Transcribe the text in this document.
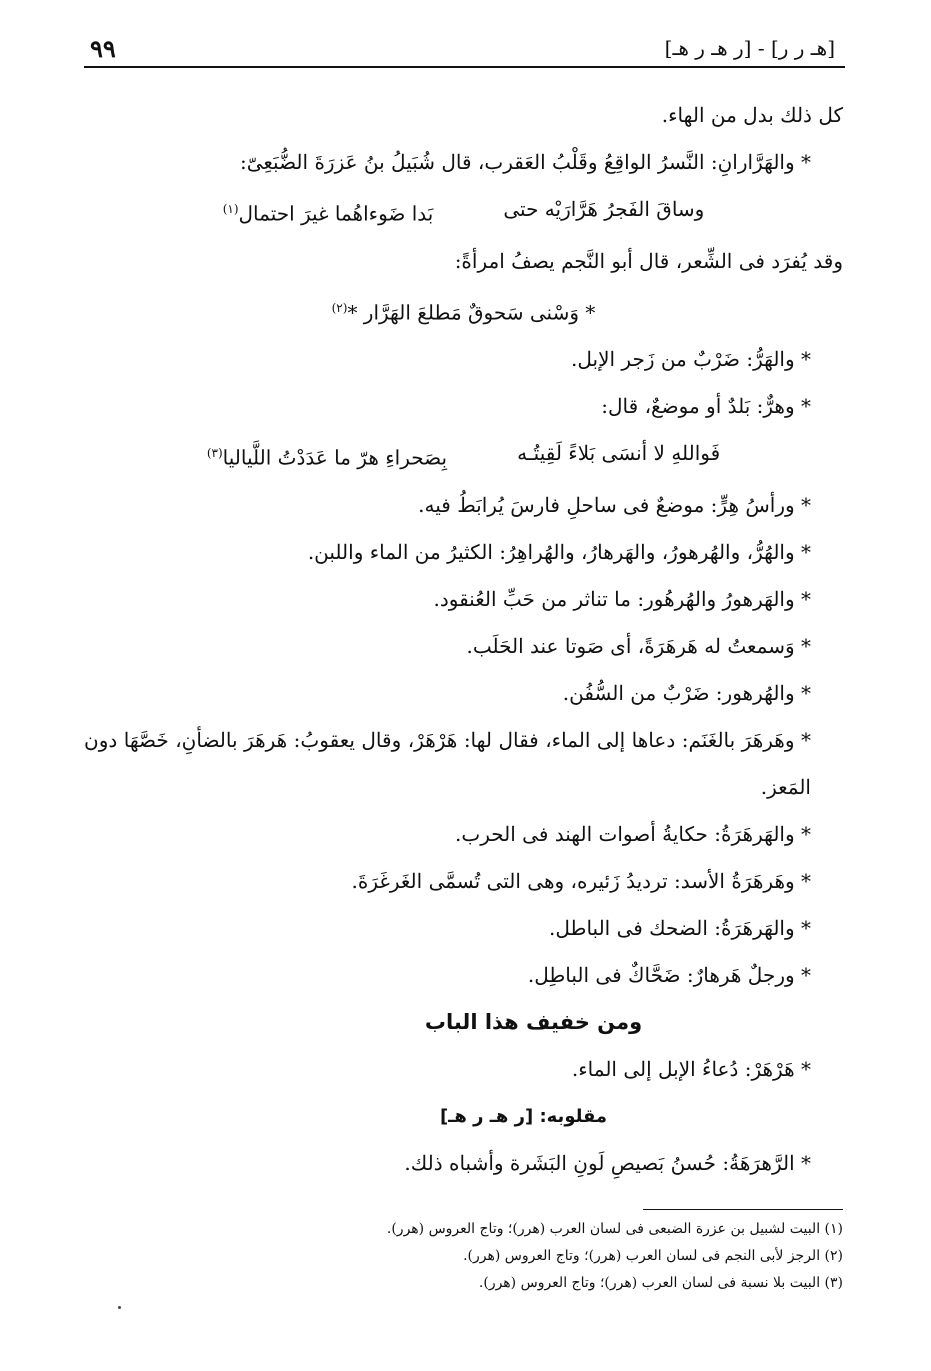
٩٩	[هـ ر ر] - [ر هـ ر هـ]
كل ذلك بدل من الهاء.
* والهَرَّارانِ: النَّسرُ الواقِعُ وقَلْبُ العَقرب، قال شُبَيلُ بنُ عَزرَةَ الضُّبَعِىّ:
وساقَ الفَجرُ هَرَّارَيْه حتى
بَدا ضَوءاهُما غيرَ احتمال$^{(١)}$
وقد يُفرَد فى الشِّعر، قال أبو النَّجم يصفُ امرأةً:
* وَسْنى سَحوقٌ مَطلعَ الهَرَّار *$^{(٢)}$
* والهَرُّ: ضَرْبٌ من زَجر الإبل.
* وهرٌّ: بَلدٌ أو موضعٌ، قال:
فَواللهِ لا أنسَى بَلاءً لَقِيتُـه
بِصَحراءِ هرّ ما عَدَدْتُ اللَّياليا$^{(٣)}$
* ورأسُ هِرٍّ: موضعٌ فى ساحلِ فارسَ يُرابَطُ فيه.
* والهُرُّ، والهُرهورُ، والهَرهارُ، والهُراهِرُ: الكثيرُ من الماء واللبن.
* والهَرهورُ والهُرهُور: ما تناثر من حَبِّ العُنقود.
* وَسمعتُ له هَرهَرَةً، أى صَوتا عند الحَلَب.
* والهُرهور: ضَرْبٌ من السُّفُن.
* وهَرهَرَ بالغَنَم: دعاها إلى الماء، فقال لها: هَرْهَرْ، وقال يعقوبُ: هَرهَرَ بالضأنِ، خَصَّهَا دون المَعز.
* والهَرهَرَةُ: حكايةُ أصوات الهند فى الحرب.
* وهَرهَرَةُ الأسد: ترديدُ زَئيره، وهى التى تُسمَّى الغَرغَرَةَ.
* والهَرهَرَةُ: الضحك فى الباطل.
* ورجلٌ هَرهارٌ: ضَحَّاكٌ فى الباطِل.
ومن خفيف هذا الباب
* هَرْهَرْ: دُعاءُ الإبل إلى الماء.
مقلوبه: [ر هـ ر هـ]
* الرَّهرَهَةُ: حُسنُ بَصيصِ لَونِ البَشَرة وأشباه ذلك.
(١) البيت لشبيل بن عزرة الضبعى فى لسان العرب (هرر)؛ وتاج العروس (هرر).
(٢) الرجز لأبى النجم فى لسان العرب (هرر)؛ وتاج العروس (هرر).
(٣) البيت بلا نسبة فى لسان العرب (هرر)؛ وتاج العروس (هرر).
